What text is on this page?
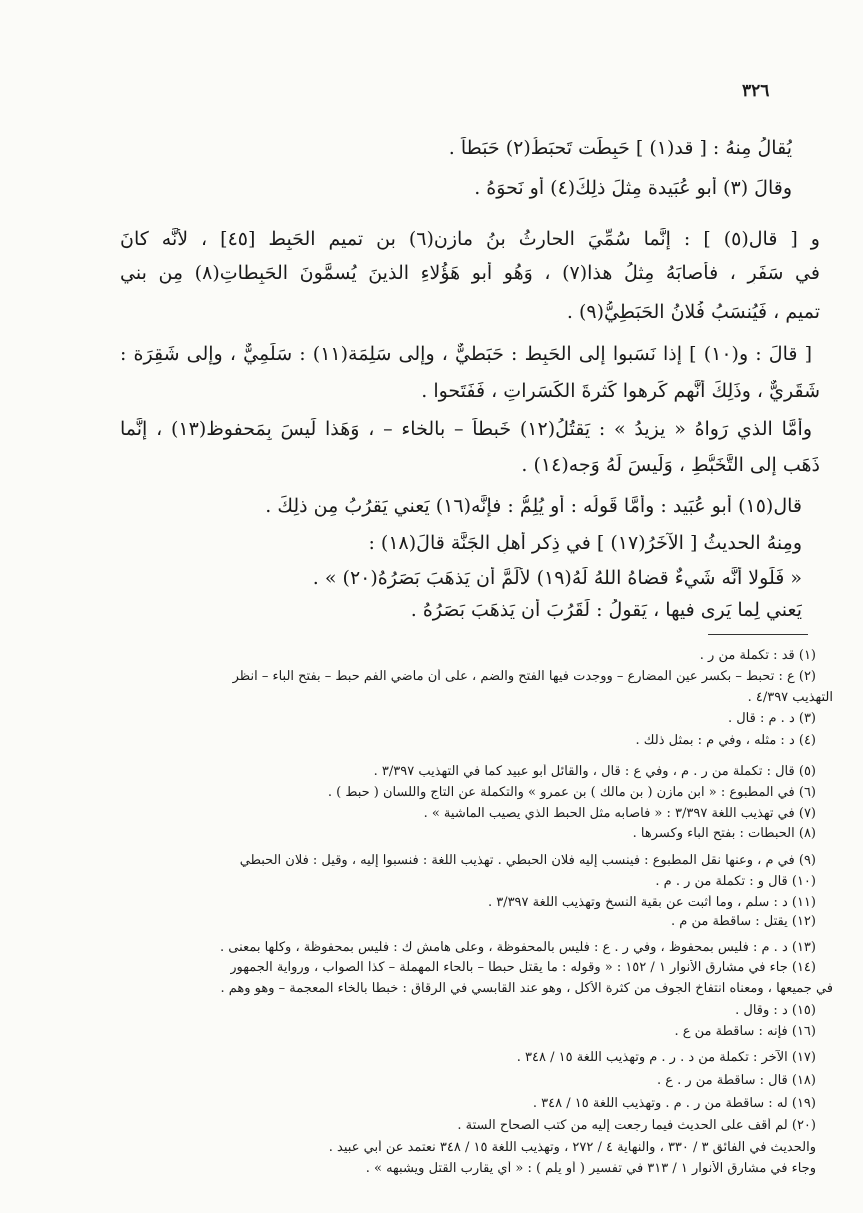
٣٢٦
يُقالُ مِنهُ : [ قد(١) ] حَبِطَت تَحبَطُ(٢) حَبَطاً .
وقالَ (٣) أبو عُبَيدة مِثلَ ذلِكَ(٤) أو نَحوَهُ .
و [ قال(٥) ] : إنَّما سُمِّيَ الحارثُ بنُ مازِن(٦) بن تميم الحَبِط [٤٥] ، لأنَّه كانَ
في سَفَرٍ ، فأصابَهُ مِثلُ هذا(٧) ، وَهُو أَبو هَؤُلاءِ الذينَ يُسمَّونَ الحَبِطاتِ(٨) مِن بني
تميم ، فَيُنسَبُ فُلانُ الحَبَطِيُّ(٩) .
[ قالَ : و(١٠) ] إذا نَسَبوا إلى الحَبِط : حَبَطيٌّ ، وإلى سَلِمَة(١١) : سَلَمِيٌّ ، وإلى شَقِرَة :
شَقَرِيٌّ ، وذَلِكَ أَنَّهم كَرِهوا كَثرةَ الكَسَراتِ ، فَفَتَحوا .
وأمَّا الذي رَواهُ « يزيدُ » : يَقتُلُ(١٢) خَبطاً – بالخاء – ، وَهَذا لَيسَ بِمَحفوظ(١٣) ، إنَّما
ذَهَب إلى التَّخَبُّطِ ، وَلَيسَ لَهُ وَجه(١٤) .
قال(١٥) أبو عُبَيد : وأمَّا قَولُه : أو يُلِمُّ : فإنَّه(١٦) يَعني يَقرُبُ مِن ذلِكَ .
ومِنهُ الحديثُ [ الآخَرُ(١٧) ] في ذِكرِ أهلِ الجَنَّة قالَ(١٨) :
« فَلَولا أنَّه شَيءٌ قضاهُ اللهُ لَهُ(١٩) لأَلَمَّ أَن يَذهَبَ بَصَرُهُ(٢٠) » .
يَعني لِما يَرى فيها ، يَقولُ : لَقَرُبَ أَن يَذهَبَ بَصَرُهُ .
(١) قد : تكملة من ر .
(٢) ع : تحبط – بكسر عين المضارع – ووجدت فيها الفتح والضم ، على أن ماضي الفم حبط – بفتح الباء – انظر
التهذيب ٤/٣٩٧ .
(٣) د . م : قال .
(٤) د : مثله ، وفي م : بمثل ذلك .
(٥) قال : تكملة من ر . م ، وفي ع : قال ، والقائل أبو عبيد كما في التهذيب ٣/٣٩٧ .
(٦) في المطبوع : « ابن مازن ( بن مالك ) بن عمرو » والتكملة عن التاج واللسان ( حبط ) .
(٧) في تهذيب اللغة ٣/٣٩٧ : « فأصابه مثل الحبط الذي يصيب الماشية » .
(٨) الحبطات : بفتح الباء وكسرها .
(٩) في م ، وعنها نقل المطبوع : فينسب إليه فلان الحبطي . تهذيب اللغة : فنسبوا إليه ، وقيل : فلان الحبطي
(١٠) قال و : تكملة من ر . م .
(١١) د : سلم ، وما أثبت عن بقية النسخ وتهذيب اللغة ٣/٣٩٧ .
(١٢) يقتل : ساقطة من م .
(١٣) د . م : فليس بمحفوظ ، وفي ر . ع : فليس بالمحفوظة ، وعلى هامش ك : فليس بمحفوظة ، وكلها بمعنى .
(١٤) جاء في مشارق الأنوار ١ / ١٥٢ : « وقوله : ما يقتل حبطا – بالحاء المهملة – كذا الصواب ، ورواية الجمهور
في جميعها ، ومعناه انتفاخ الجوف من كثرة الأكل ، وهو عند القابسي في الرقاق : خبطا بالخاء المعجمة – وهو وهم .
(١٥) د : وقال .
(١٦) فإنه : ساقطة من ع .
(١٧) الآخر : تكملة من د . ر . م وتهذيب اللغة ١٥ / ٣٤٨ .
(١٨) قال : ساقطة من ر . ع .
(١٩) له : ساقطة من ر . م . وتهذيب اللغة ١٥ / ٣٤٨ .
(٢٠) لم أقف على الحديث فيما رجعت إليه من كتب الصحاح الستة .
والحديث في الفائق ٣ / ٣٣٠ ، والنهاية ٤ / ٢٧٢ ، وتهذيب اللغة ١٥ / ٣٤٨ نعتمد عن أبي عبيد .
وجاء في مشارق الأنوار ١ / ٣١٣ في تفسير ( أو يلم ) : « أي يقارب القتل ويشبهه » .
